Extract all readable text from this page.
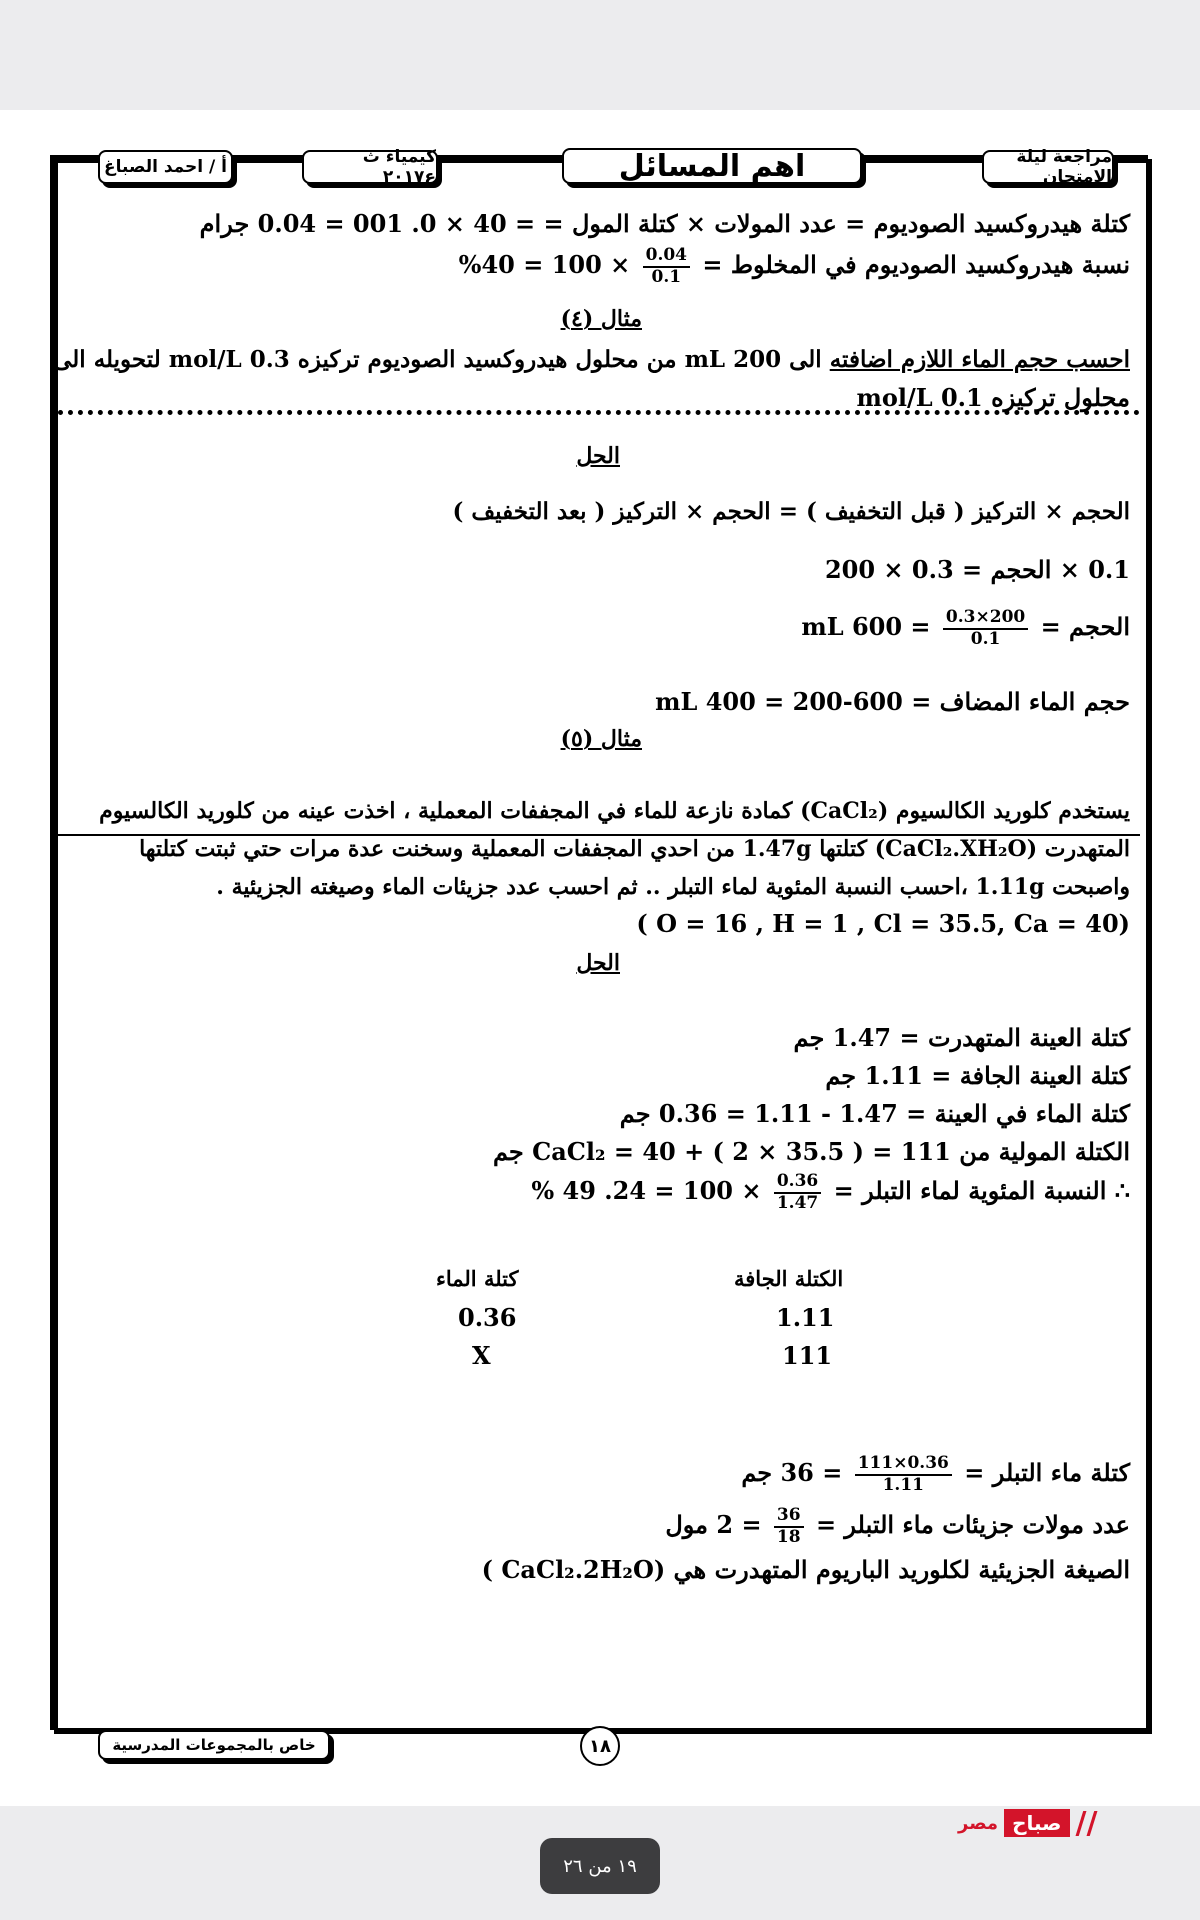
مراجعة ليلة الامتحان
اهم المسائل
كيمياء ث ع٢٠١٧
أ / احمد الصباغ
كتلة هيدروكسيد الصوديوم = عدد المولات × كتلة المول = = 40 × 0. 001 = 0.04 جرام
نسبة هيدروكسيد الصوديوم في المخلوط =
$\frac{0.04}{0.1}$
× 100 = 40%
مثال (٤)
احسب حجم الماء اللازم اضافته الى 200 mL من محلول هيدروكسيد الصوديوم تركيزه 0.3 mol/L لتحويله الى
محلول تركيزه 0.1 mol/L
الحل
الحجم × التركيز ( قبل التخفيف ) = الحجم × التركيز ( بعد التخفيف )
0.1 × الحجم = 0.3 × 200
الحجم =
$\frac{200\times 0.3}{0.1}$
= 600 mL
حجم الماء المضاف = 600-200 = 400 mL
مثال (٥)
يستخدم كلوريد الكالسيوم (CaCl₂) كمادة نازعة للماء في المجففات المعملية ، اخذت عينه من كلوريد الكالسيوم
المتهدرت (CaCl₂.XH₂O) كتلتها 1.47g من احدي المجففات المعملية وسخنت عدة مرات حتي ثبتت كتلتها
واصبحت 1.11g ،احسب النسبة المئوية لماء التبلر .. ثم احسب عدد جزيئات الماء وصيغته الجزيئية .
(O = 16 , H = 1 , Cl = 35.5, Ca = 40 )
الحل
كتلة العينة المتهدرت = 1.47 جم
كتلة العينة الجافة = 1.11 جم
كتلة الماء في العينة = 1.47 - 1.11 = 0.36 جم
الكتلة المولية من CaCl₂ = 40 + ( 2 × 35.5 ) = 111 جم
∴ النسبة المئوية لماء التبلر =
$\frac{0.36}{1.47}$
× 100 = 24. 49 %
الكتلة الجافة
كتلة الماء
1.11
0.36
111
X
كتلة ماء التبلر =
$\frac{0.36\times 111}{1.11}$
= 36 جم
عدد مولات جزيئات ماء التبلر =
$\frac{36}{18}$
= 2 مول
الصيغة الجزيئية لكلوريد الباريوم المتهدرت هي (CaCl₂.2H₂O )
خاص بالمجموعات المدرسية	١٨
مصر صباح //
١٩ من ٢٦
